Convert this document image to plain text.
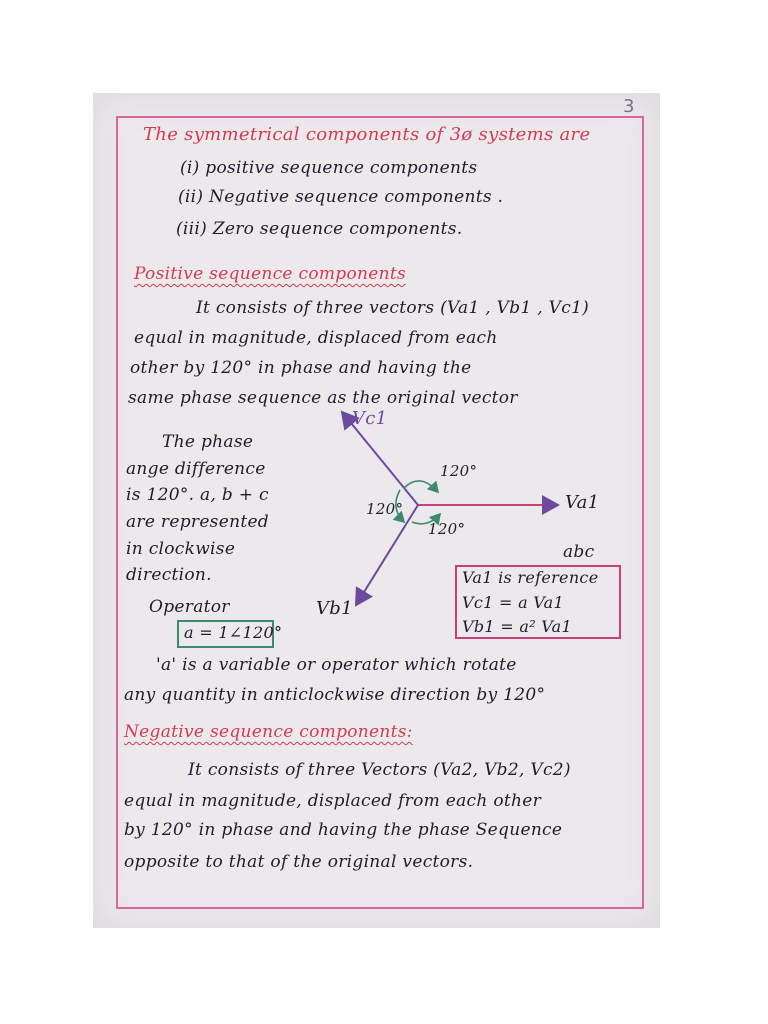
3
The symmetrical components of 3ø systems are
(i) positive sequence components
(ii) Negative sequence components .
(iii) Zero sequence components.
Positive sequence components
It consists of three vectors (Va1 , Vb1 , Vc1)
equal in magnitude, displaced from each
other by 120° in phase and having the
same phase sequence as the original vector
The phase
ange difference
is 120°. a, b + c
are represented
in clockwise
direction.
Vc1
Va1
Vb1
120°
120°
120°
abc
Va1 is reference
Vc1 = a Va1
Vb1 = a² Va1
Operator
a = 1∠120°
'a' is a variable or operator which rotate
any quantity in anticlockwise direction by 120°
Negative sequence components:
It consists of three Vectors (Va2, Vb2, Vc2)
equal in magnitude, displaced from each other
by 120° in phase and having the phase Sequence
opposite to that of the original vectors.
